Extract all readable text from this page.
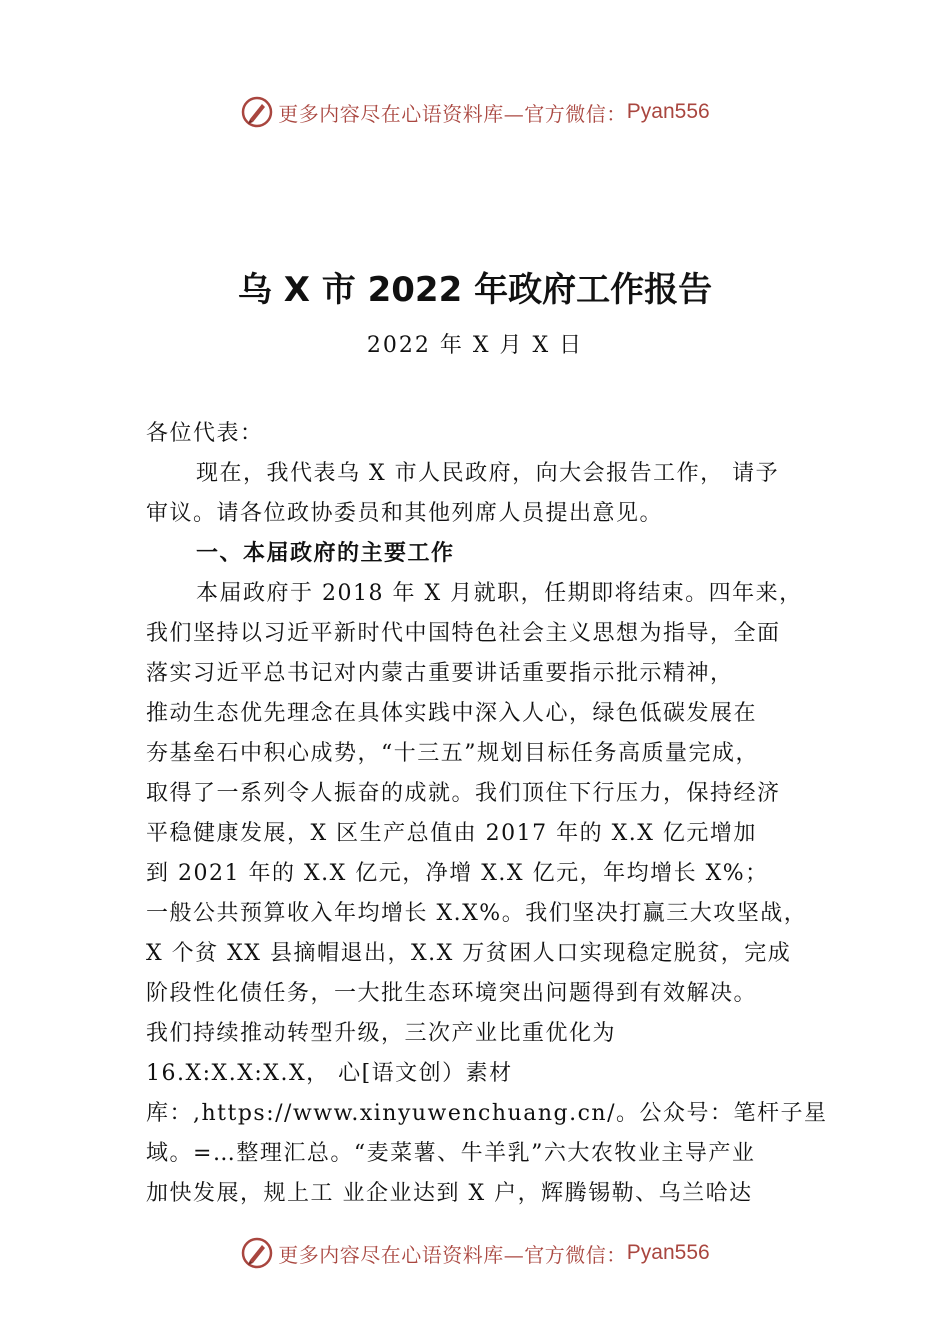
更多内容尽在心语资料库—官方微信： Pyan556
乌 X 市 2022 年政府工作报告
2022 年 X 月 X 日
各位代表：
现在，我代表乌 X 市人民政府，向大会报告工作， 请予
审议。请各位政协委员和其他列席人员提出意见。
一、本届政府的主要工作
本届政府于 2018 年 X 月就职，任期即将结束。四年来，
我们坚持以习近平新时代中国特色社会主义思想为指导，全面
落实习近平总书记对内蒙古重要讲话重要指示批示精神，
推动生态优先理念在具体实践中深入人心，绿色低碳发展在
夯基垒石中积心成势，“十三五”规划目标任务高质量完成，
取得了一系列令人振奋的成就。我们顶住下行压力，保持经济
平稳健康发展，X 区生产总值由 2017 年的 X.X 亿元增加
到 2021 年的 X.X 亿元，净增 X.X 亿元，年均增长 X%；
一般公共预算收入年均增长 X.X%。我们坚决打赢三大攻坚战，
X 个贫 XX 县摘帽退出，X.X 万贫困人口实现稳定脱贫，完成
阶段性化债任务，一大批生态环境突出问题得到有效解决。
我们持续推动转型升级，三次产业比重优化为
16.X:X.X:X.X， 心[语文创）素材
库：,https://www.xinyuwenchuang.cn/。公众号：笔杆子星
域。=…整理汇总。“麦菜薯、牛羊乳”六大农牧业主导产业
加快发展，规上工 业企业达到 X 户，辉腾锡勒、乌兰哈达
更多内容尽在心语资料库—官方微信： Pyan556
